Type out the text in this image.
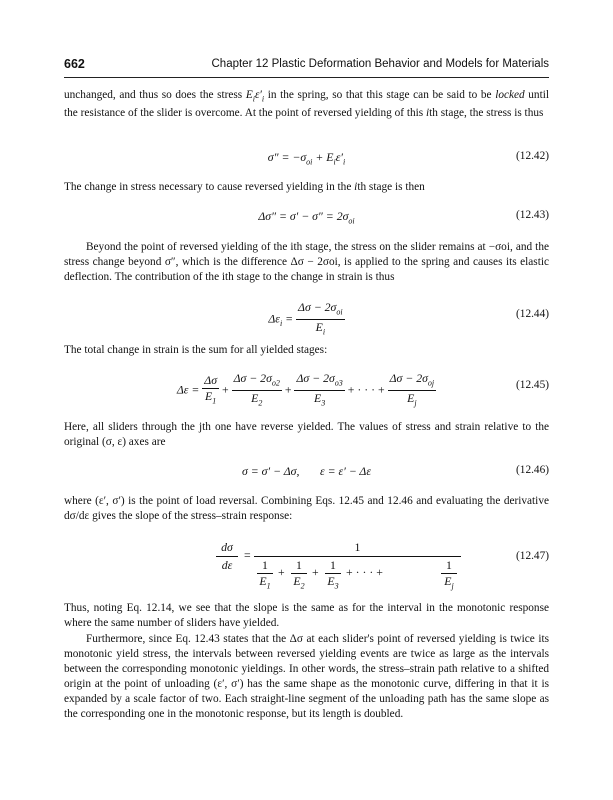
662	Chapter 12 Plastic Deformation Behavior and Models for Materials
unchanged, and thus so does the stress $E_i\varepsilon'_i$ in the spring, so that this stage can be said to be locked until the resistance of the slider is overcome. At the point of reversed yielding of this ith stage, the stress is thus
$\sigma'' = -\sigma_{oi} + E_i\varepsilon'_i$	(12.42)
The change in stress necessary to cause reversed yielding in the ith stage is then
$\Delta\sigma'' = \sigma' - \sigma'' = 2\sigma_{oi}$	(12.43)
Beyond the point of reversed yielding of the ith stage, the stress on the slider remains at −σoi, and the stress change beyond σ″, which is the difference Δσ − 2σoi, is applied to the spring and causes its elastic deflection. The contribution of the ith stage to the change in strain is thus
$\Delta\varepsilon_i = \frac{\Delta\sigma - 2\sigma_{oi}}{E_i}$	(12.44)
The total change in strain is the sum for all yielded stages:
$\Delta\varepsilon = \frac{\Delta\sigma}{E_1} + \frac{\Delta\sigma - 2\sigma_{o2}}{E_2} + \frac{\Delta\sigma - 2\sigma_{o3}}{E_3}$ + · · · + $\frac{\Delta\sigma - 2\sigma_{oj}}{E_j}$	(12.45)
Here, all sliders through the jth one have reverse yielded. The values of stress and strain relative to the original (σ, ε) axes are
σ = σ′ − Δσ,       ε = ε′ − Δε	(12.46)
where (ε′, σ′) is the point of load reversal. Combining Eqs. 12.45 and 12.46 and evaluating the derivative dσ/dε gives the slope of the stress–strain response:
dσ
dε
=
1
1
$E_1$
+ 1
$E_2$
+ 1
$E_3$
+ · · · +	1
$E_j$
(12.47)
Thus, noting Eq. 12.14, we see that the slope is the same as for the interval in the monotonic response where the same number of sliders have yielded.
Furthermore, since Eq. 12.43 states that the Δσ at each slider's point of reversed yielding is twice its monotonic yield stress, the intervals between reversed yielding events are twice as large as the intervals between the corresponding monotonic yieldings. In other words, the stress–strain path relative to a shifted origin at the point of unloading (ε′, σ′) has the same shape as the monotonic curve, differing in that it is expanded by a scale factor of two. Each straight-line segment of the unloading path has the same slope as the corresponding one in the monotonic response, but its length is doubled.
